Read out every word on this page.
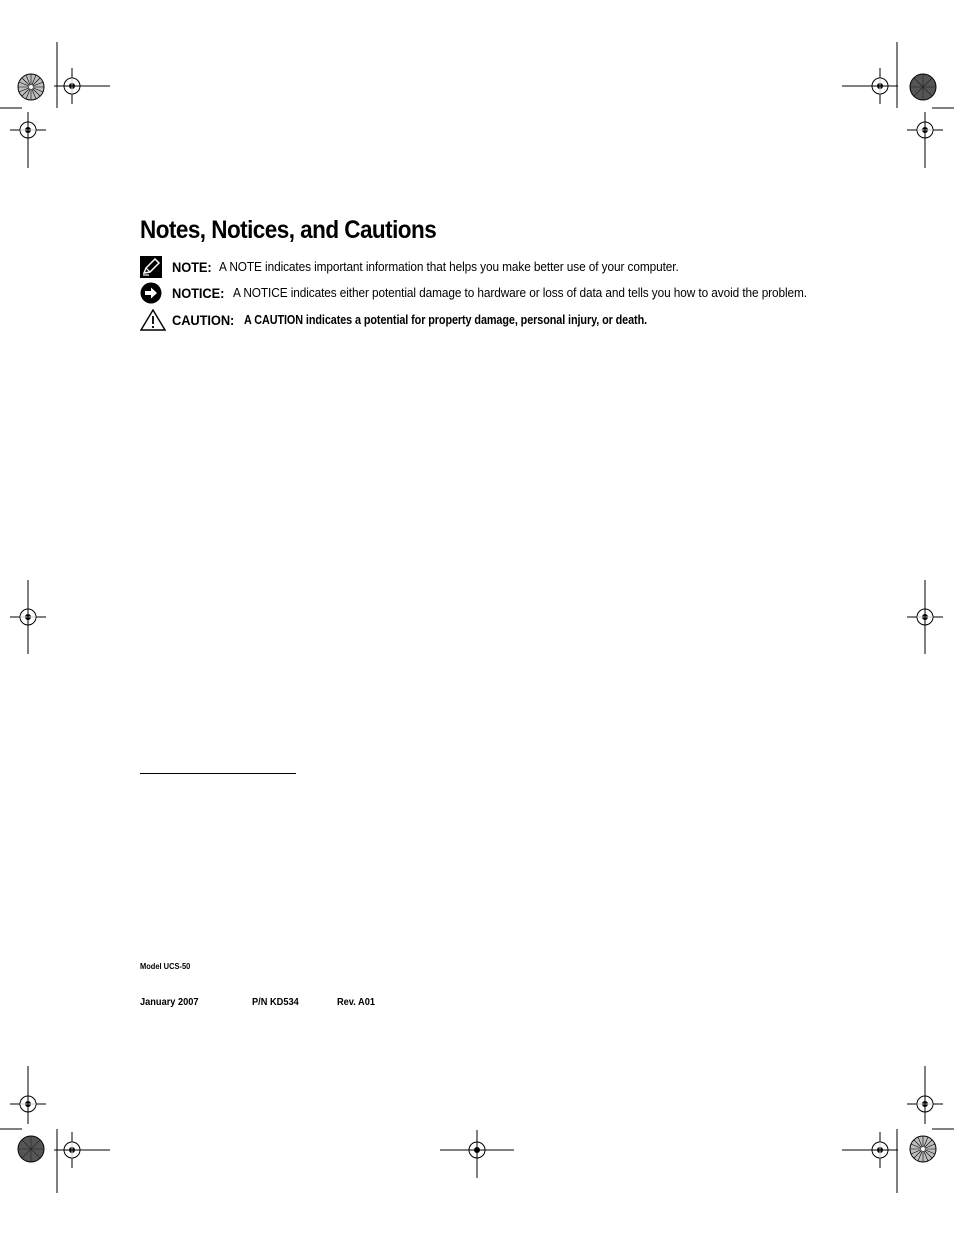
Notes, Notices, and Cautions
NOTE: A NOTE indicates important information that helps you make better use of your computer.
NOTICE: A NOTICE indicates either potential damage to hardware or loss of data and tells you how to avoid the problem.
CAUTION: A CAUTION indicates a potential for property damage, personal injury, or death.
Model UCS-50
January 2007	P/N KD534	Rev. A01
